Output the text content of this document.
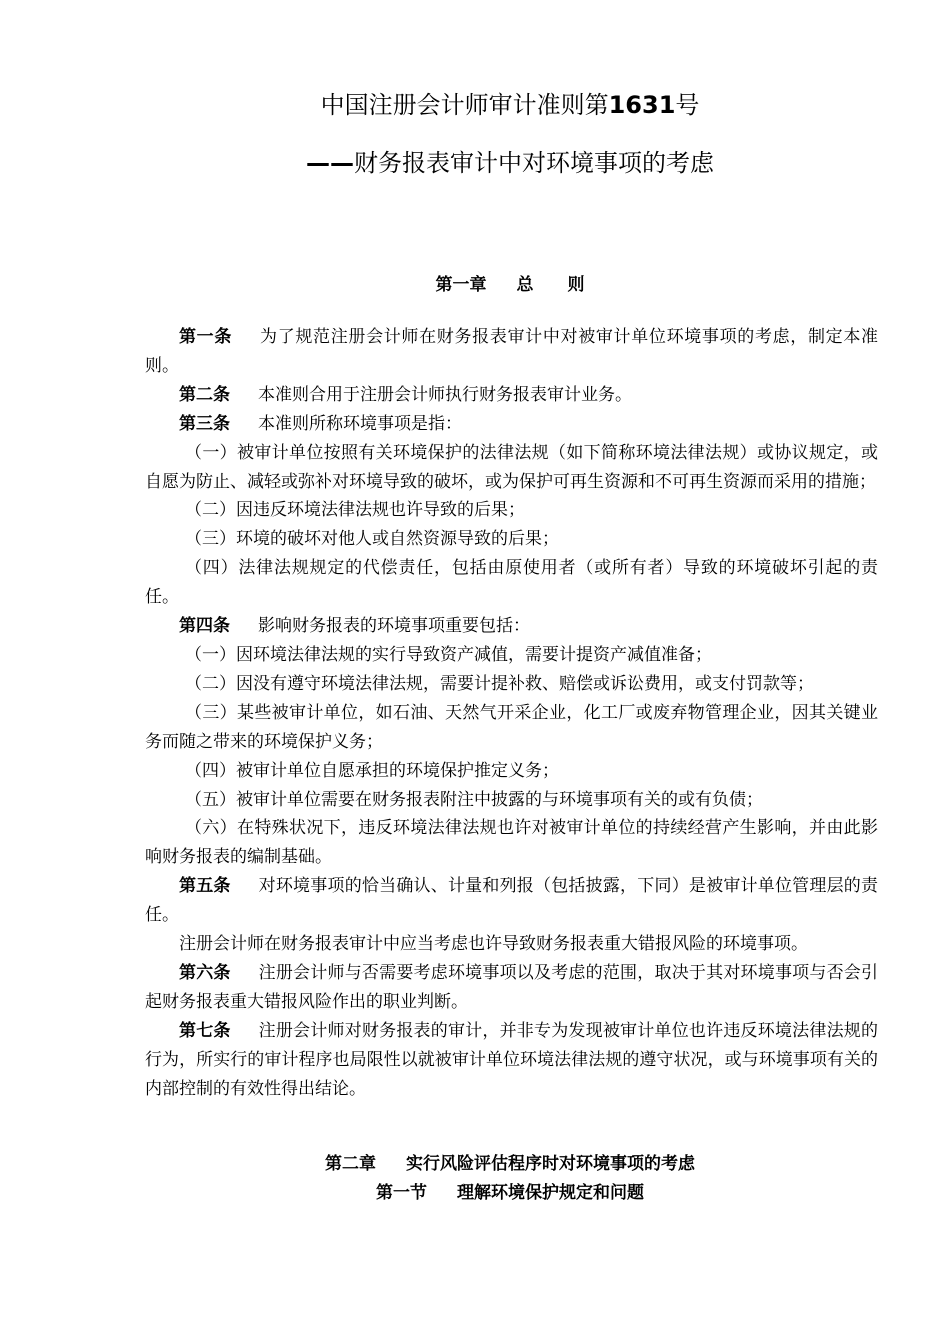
中国注册会计师审计准则第1631号
——财务报表审计中对环境事项的考虑
第一章 总　　则
第一条 为了规范注册会计师在财务报表审计中对被审计单位环境事项的考虑，制定本准则。
第二条 本准则合用于注册会计师执行财务报表审计业务。
第三条 本准则所称环境事项是指：
（一）被审计单位按照有关环境保护的法律法规（如下简称环境法律法规）或协议规定，或自愿为防止、减轻或弥补对环境导致的破坏，或为保护可再生资源和不可再生资源而采用的措施；
（二）因违反环境法律法规也许导致的后果；
（三）环境的破坏对他人或自然资源导致的后果；
（四）法律法规规定的代偿责任，包括由原使用者（或所有者）导致的环境破坏引起的责任。
第四条 影响财务报表的环境事项重要包括：
（一）因环境法律法规的实行导致资产减值，需要计提资产减值准备；
（二）因没有遵守环境法律法规，需要计提补救、赔偿或诉讼费用，或支付罚款等；
（三）某些被审计单位，如石油、天然气开采企业，化工厂或废弃物管理企业，因其关键业务而随之带来的环境保护义务；
（四）被审计单位自愿承担的环境保护推定义务；
（五）被审计单位需要在财务报表附注中披露的与环境事项有关的或有负债；
（六）在特殊状况下，违反环境法律法规也许对被审计单位的持续经营产生影响，并由此影响财务报表的编制基础。
第五条 对环境事项的恰当确认、计量和列报（包括披露，下同）是被审计单位管理层的责任。
注册会计师在财务报表审计中应当考虑也许导致财务报表重大错报风险的环境事项。
第六条 注册会计师与否需要考虑环境事项以及考虑的范围，取决于其对环境事项与否会引起财务报表重大错报风险作出的职业判断。
第七条 注册会计师对财务报表的审计，并非专为发现被审计单位也许违反环境法律法规的行为，所实行的审计程序也局限性以就被审计单位环境法律法规的遵守状况，或与环境事项有关的内部控制的有效性得出结论。
第二章 实行风险评估程序时对环境事项的考虑
第一节 理解环境保护规定和问题
